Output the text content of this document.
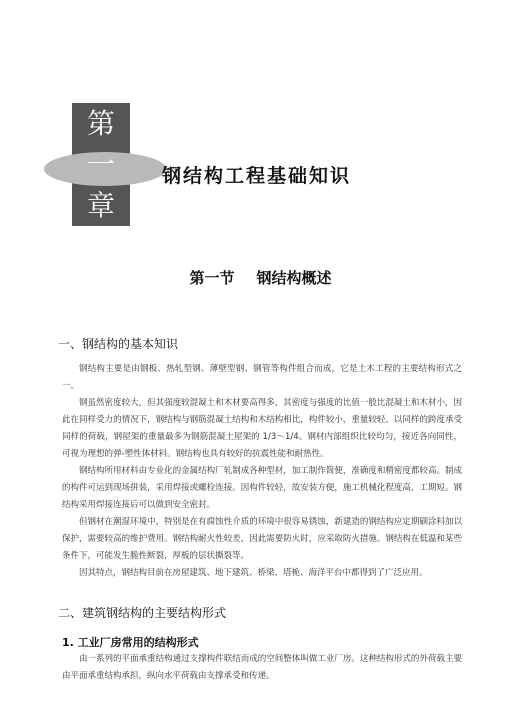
第
一
章
钢结构工程基础知识
第一节 钢结构概述
一、钢结构的基本知识

钢结构主要是由钢板、热轧型钢、薄壁型钢、钢管等构件组合而成，它是土木工程的主要结构形式之一。

钢虽然密度较大，但其强度较混凝土和木材要高得多，其密度与强度的比值一般比混凝土和木材小，因此在同样受力的情况下，钢结构与钢筋混凝土结构和木结构相比，构件较小，重量较轻。以同样的跨度承受同样的荷载，钢屋架的重量最多为钢筋混凝土屋架的 1/3～1/4。钢材内部组织比较均匀，接近各向同性，可视为理想的弹-塑性体材料。钢结构也具有较好的抗震性能和耐热性。

钢结构所用材料由专业化的金属结构厂轧制成各种型材，加工制作简便，准确度和精密度都较高。制成的构件可运到现场拼装，采用焊接或螺栓连接。因构件较轻，故安装方便，施工机械化程度高，工期短。钢结构采用焊接连接后可以做到安全密封。

但钢材在潮湿环境中，特别是在有腐蚀性介质的环境中很容易锈蚀，新建造的钢结构应定期刷涂料加以保护，需要较高的维护费用。钢结构耐火性较差，因此需要防火时，应采取防火措施。钢结构在低温和某些条件下，可能发生脆性断裂，厚板的层状撕裂等。

因其特点，钢结构目前在房屋建筑、地下建筑、桥梁、塔桅、海洋平台中都得到了广泛应用。

二、建筑钢结构的主要结构形式
1. 工业厂房常用的结构形式

由一系列的平面承重结构通过支撑构件联结而成的空间整体叫做工业厂房。这种结构形式的外荷载主要由平面承重结构承担，纵向水平荷载由支撑承受和传递。
